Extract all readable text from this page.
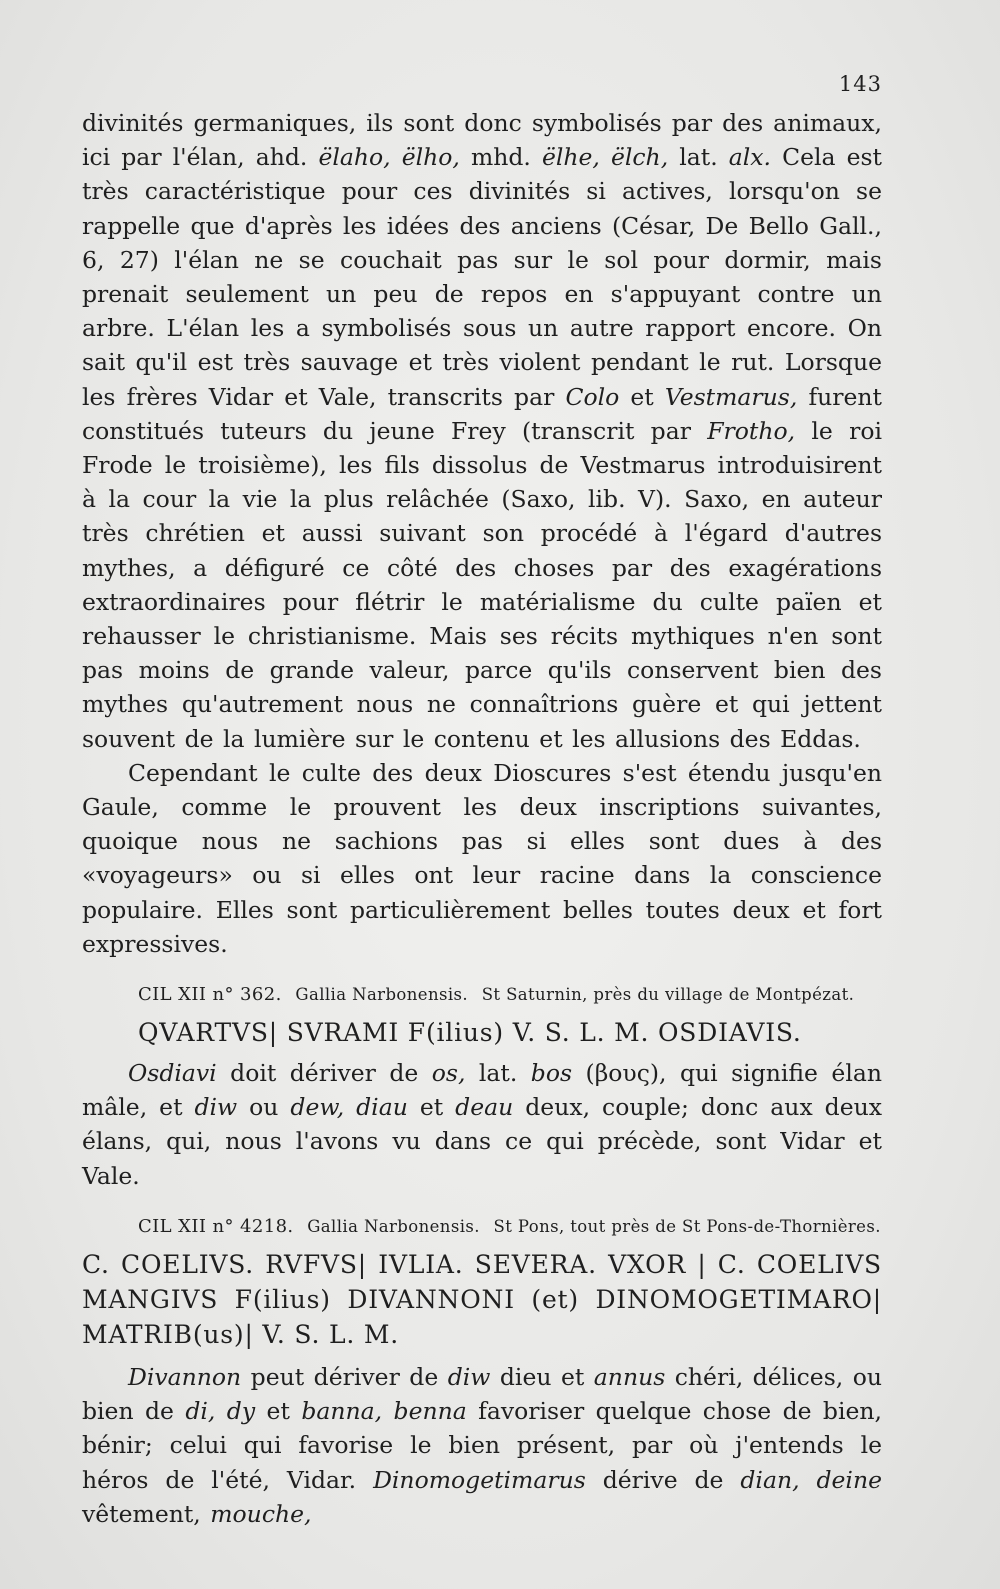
143

divinités germaniques, ils sont donc symbolisés par des animaux, ici par l'élan, ahd. ëlaho, ëlho, mhd. ëlhe, ëlch, lat. alx. Cela est très caractéristique pour ces divinités si actives, lorsqu'on se rappelle que d'après les idées des anciens (César, De Bello Gall., 6, 27) l'élan ne se couchait pas sur le sol pour dormir, mais prenait seulement un peu de repos en s'appuyant contre un arbre. L'élan les a symbolisés sous un autre rapport encore. On sait qu'il est très sauvage et très violent pendant le rut. Lorsque les frères Vidar et Vale, transcrits par Colo et Vestmarus, furent constitués tuteurs du jeune Frey (transcrit par Frotho, le roi Frode le troisième), les fils dissolus de Vestmarus introduisirent à la cour la vie la plus relâchée (Saxo, lib. V). Saxo, en auteur très chrétien et aussi suivant son procédé à l'égard d'autres mythes, a défiguré ce côté des choses par des exagérations extraordinaires pour flétrir le matérialisme du culte païen et rehausser le christianisme. Mais ses récits mythiques n'en sont pas moins de grande valeur, parce qu'ils conservent bien des mythes qu'autrement nous ne connaîtrions guère et qui jettent souvent de la lumière sur le contenu et les allusions des Eddas.

Cependant le culte des deux Dioscures s'est étendu jusqu'en Gaule, comme le prouvent les deux inscriptions suivantes, quoique nous ne sachions pas si elles sont dues à des «voyageurs» ou si elles ont leur racine dans la conscience populaire. Elles sont particulièrement belles toutes deux et fort expressives.

CIL XII n° 362. Gallia Narbonensis. St Saturnin, près du village de Montpézat.

QVARTVS| SVRAMI F(ilius) V. S. L. M. OSDIAVIS.

Osdiavi doit dériver de os, lat. bos (βους), qui signifie élan mâle, et diw ou dew, diau et deau deux, couple; donc aux deux élans, qui, nous l'avons vu dans ce qui précède, sont Vidar et Vale.

CIL XII n° 4218. Gallia Narbonensis. St Pons, tout près de St Pons-de-Thornières.

C. COELIVS. RVFVS| IVLIA. SEVERA. VXOR | C. COELIVS MANGIVS F(ilius) DIVANNONI (et) DINOMOGETIMARO| MATRIB(us)| V. S. L. M.

Divannon peut dériver de diw dieu et annus chéri, délices, ou bien de di, dy et banna, benna favoriser quelque chose de bien, bénir; celui qui favorise le bien présent, par où j'entends le héros de l'été, Vidar. Dinomogetimarus dérive de dian, deine vêtement, mouche,
